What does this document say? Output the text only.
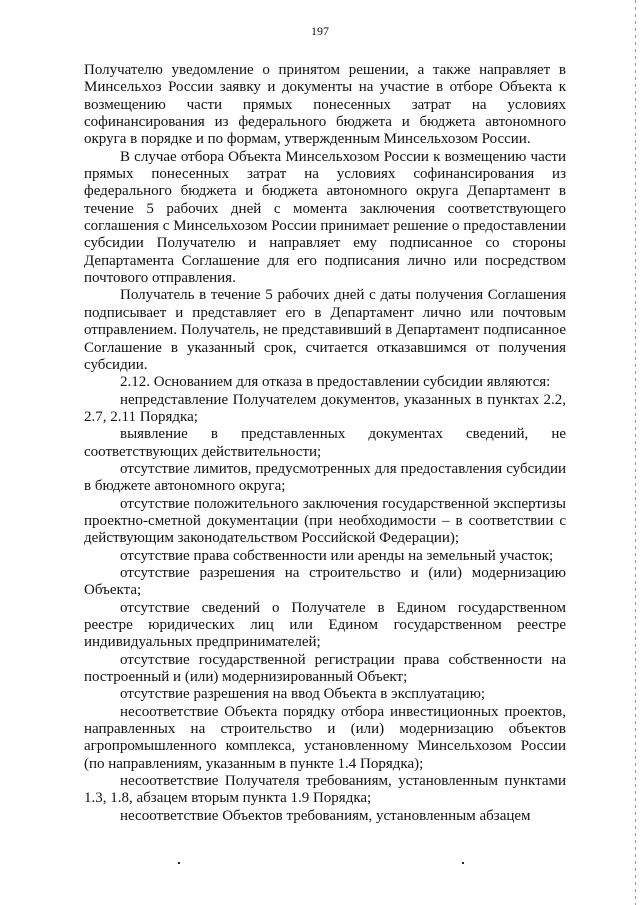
197

Получателю уведомление о принятом решении, а также направляет в Минсельхоз России заявку и документы на участие в отборе Объекта к возмещению части прямых понесенных затрат на условиях софинансирования из федерального бюджета и бюджета автономного округа в порядке и по формам, утвержденным Минсельхозом России.

В случае отбора Объекта Минсельхозом России к возмещению части прямых понесенных затрат на условиях софинансирования из федерального бюджета и бюджета автономного округа Департамент в течение 5 рабочих дней с момента заключения соответствующего соглашения с Минсельхозом России принимает решение о предоставлении субсидии Получателю и направляет ему подписанное со стороны Департамента Соглашение для его подписания лично или посредством почтового отправления.

Получатель в течение 5 рабочих дней с даты получения Соглашения подписывает и представляет его в Департамент лично или почтовым отправлением. Получатель, не представивший в Департамент подписанное Соглашение в указанный срок, считается отказавшимся от получения субсидии.

2.12. Основанием для отказа в предоставлении субсидии являются:

непредставление Получателем документов, указанных в пунктах 2.2, 2.7, 2.11 Порядка;

выявление в представленных документах сведений, не соответствующих действительности;

отсутствие лимитов, предусмотренных для предоставления субсидии в бюджете автономного округа;

отсутствие положительного заключения государственной экспертизы проектно-сметной документации (при необходимости – в соответствии с действующим законодательством Российской Федерации);

отсутствие права собственности или аренды на земельный участок;

отсутствие разрешения на строительство и (или) модернизацию Объекта;

отсутствие сведений о Получателе в Едином государственном реестре юридических лиц или Едином государственном реестре индивидуальных предпринимателей;

отсутствие государственной регистрации права собственности на построенный и (или) модернизированный Объект;

отсутствие разрешения на ввод Объекта в эксплуатацию;

несоответствие Объекта порядку отбора инвестиционных проектов, направленных на строительство и (или) модернизацию объектов агропромышленного комплекса, установленному Минсельхозом России (по направлениям, указанным в пункте 1.4 Порядка);

несоответствие Получателя требованиям, установленным пунктами 1.3, 1.8, абзацем вторым пункта 1.9 Порядка;

несоответствие Объектов требованиям, установленным абзацем
